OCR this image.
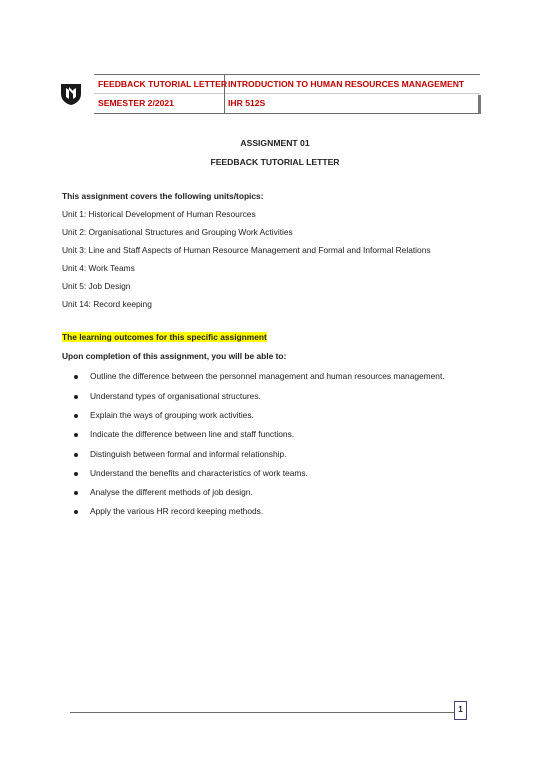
FEEDBACK TUTORIAL LETTER INTRODUCTION TO HUMAN RESOURCES MANAGEMENT
SEMESTER 2/2021	IHR 512S
ASSIGNMENT 01
FEEDBACK TUTORIAL LETTER
This assignment covers the following units/topics:
Unit 1: Historical Development of Human Resources
Unit 2: Organisational Structures and Grouping Work Activities
Unit 3: Line and Staff Aspects of Human Resource Management and Formal and Informal Relations
Unit 4: Work Teams
Unit 5: Job Design
Unit 14: Record keeping
The learning outcomes for this specific assignment
Upon completion of this assignment, you will be able to:
Outline the difference between the personnel management and human resources management.
Understand types of organisational structures.
Explain the ways of grouping work activities.
Indicate the difference between line and staff functions.
Distinguish between formal and informal relationship.
Understand the benefits and characteristics of work teams.
Analyse the different methods of job design.
Apply the various HR record keeping methods.
1
